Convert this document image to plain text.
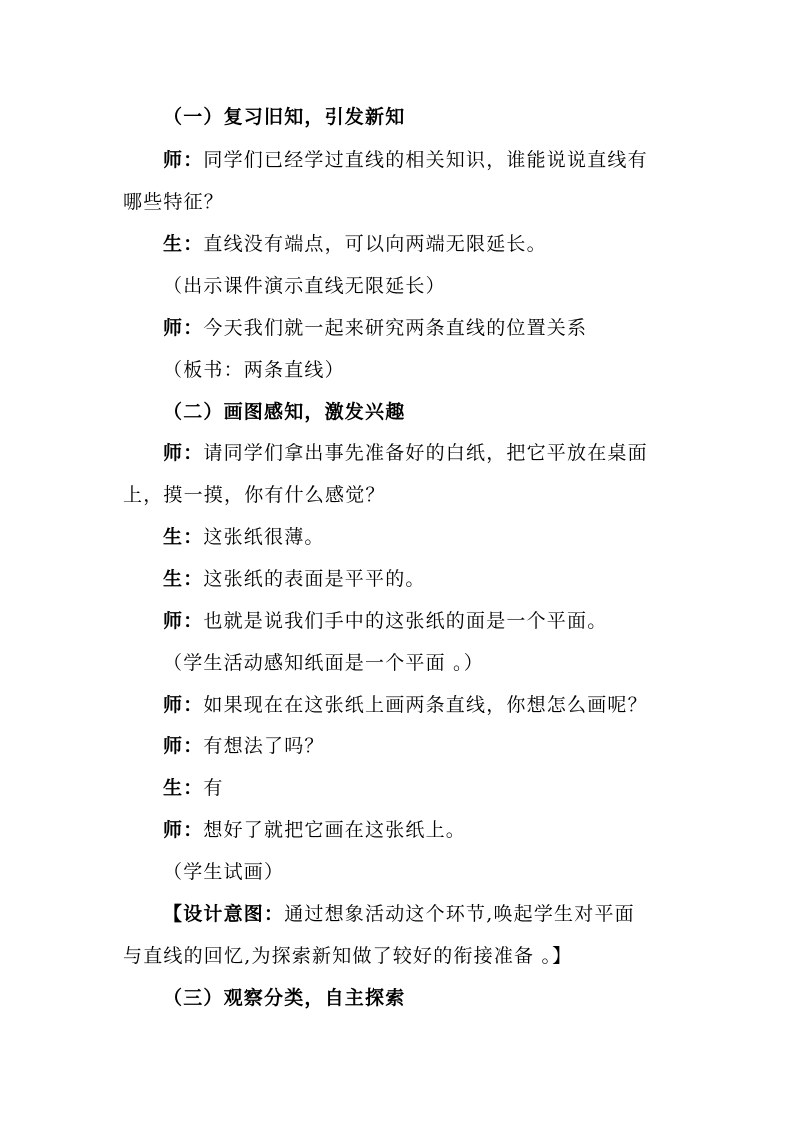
（一）复习旧知，引发新知
师：同学们已经学过直线的相关知识，谁能说说直线有
哪些特征？
生：直线没有端点，可以向两端无限延长。
（出示课件演示直线无限延长）
师：今天我们就一起来研究两条直线的位置关系
（板书：两条直线）
（二）画图感知，激发兴趣
师：请同学们拿出事先准备好的白纸，把它平放在桌面
上，摸一摸，你有什么感觉？
生：这张纸很薄。
生：这张纸的表面是平平的。
师：也就是说我们手中的这张纸的面是一个平面。
（学生活动感知纸面是一个平面 。）
师：如果现在在这张纸上画两条直线，你想怎么画呢？
师：有想法了吗？
生：有
师：想好了就把它画在这张纸上。
（学生试画）
【设计意图：通过想象活动这个环节,唤起学生对平面
与直线的回忆,为探索新知做了较好的衔接准备 。】
（三）观察分类，自主探索
